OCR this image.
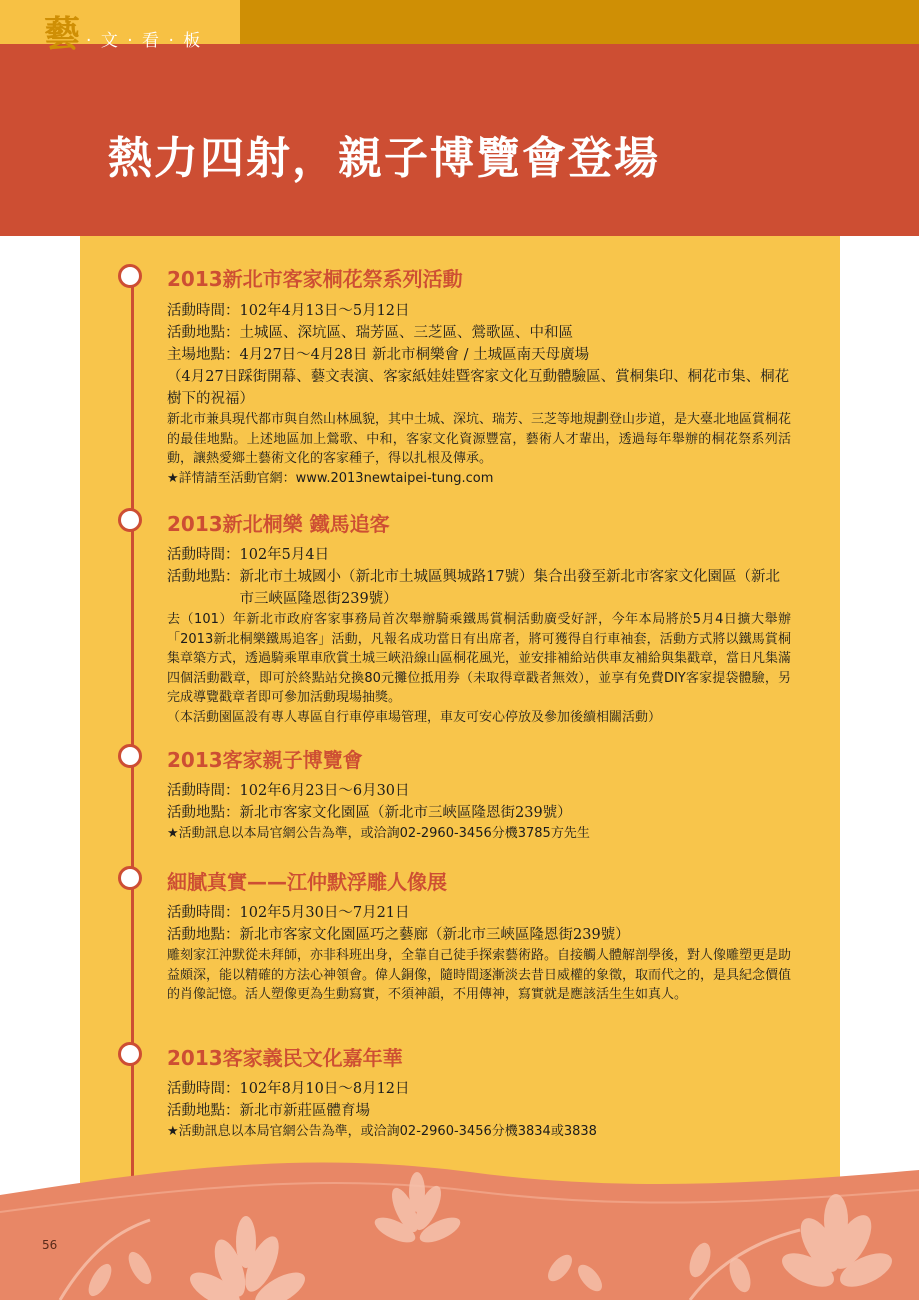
藝 · 文 · 看 · 板
熱力四射，親子博覽會登場
2013新北市客家桐花祭系列活動

活動時間：102年4月13日～5月12日

活動地點：土城區、深坑區、瑞芳區、三芝區、鶯歌區、中和區

主場地點：4月27日～4月28日 新北市桐樂會 / 土城區南天母廣場

（4月27日踩街開幕、藝文表演、客家紙娃娃暨客家文化互動體驗區、賞桐集印、桐花市集、桐花樹下的祝福）

新北市兼具現代都市與自然山林風貌，其中土城、深坑、瑞芳、三芝等地規劃登山步道，是大臺北地區賞桐花的最佳地點。上述地區加上鶯歌、中和，客家文化資源豐富，藝術人才輩出，透過每年舉辦的桐花祭系列活動，讓熱愛鄉土藝術文化的客家種子，得以扎根及傳承。

★詳情請至活動官網：www.2013newtaipei-tung.com

2013新北桐樂 鐵馬追客

活動時間：102年5月4日

活動地點： 新北市土城國小（新北市土城區興城路17號）集合出發至新北市客家文化園區（新北市三峽區隆恩街239號）

去（101）年新北市政府客家事務局首次舉辦騎乘鐵馬賞桐活動廣受好評，今年本局將於5月4日擴大舉辦「2013新北桐樂鐵馬追客」活動，凡報名成功當日有出席者，將可獲得自行車袖套，活動方式將以鐵馬賞桐集章築方式，透過騎乘單車欣賞土城三峽沿線山區桐花風光，並安排補給站供車友補給與集戳章，當日凡集滿四個活動戳章，即可於終點站兌換80元攤位抵用券（未取得章戳者無效），並享有免費DIY客家提袋體驗，另完成導覽戳章者即可參加活動現場抽獎。

（本活動園區設有專人專區自行車停車場管理，車友可安心停放及參加後續相關活動）

2013客家親子博覽會

活動時間：102年6月23日～6月30日

活動地點：新北市客家文化園區（新北市三峽區隆恩街239號）

★活動訊息以本局官網公告為準，或洽詢02-2960-3456分機3785方先生

細膩真實——江仲默浮雕人像展

活動時間：102年5月30日～7月21日

活動地點：新北市客家文化園區巧之藝廊（新北市三峽區隆恩街239號）

雕刻家江沖默從未拜師，亦非科班出身，全靠自己徒手探索藝術路。自接觸人體解剖學後，對人像雕塑更是助益頗深，能以精確的方法心神領會。偉人銅像，隨時間逐漸淡去昔日威權的象徵，取而代之的，是具紀念價值的肖像記憶。活人塑像更為生動寫實，不須神韻，不用傳神，寫實就是應該活生生如真人。

2013客家義民文化嘉年華

活動時間：102年8月10日～8月12日

活動地點：新北市新莊區體育場

★活動訊息以本局官網公告為準，或洽詢02-2960-3456分機3834或3838

56
